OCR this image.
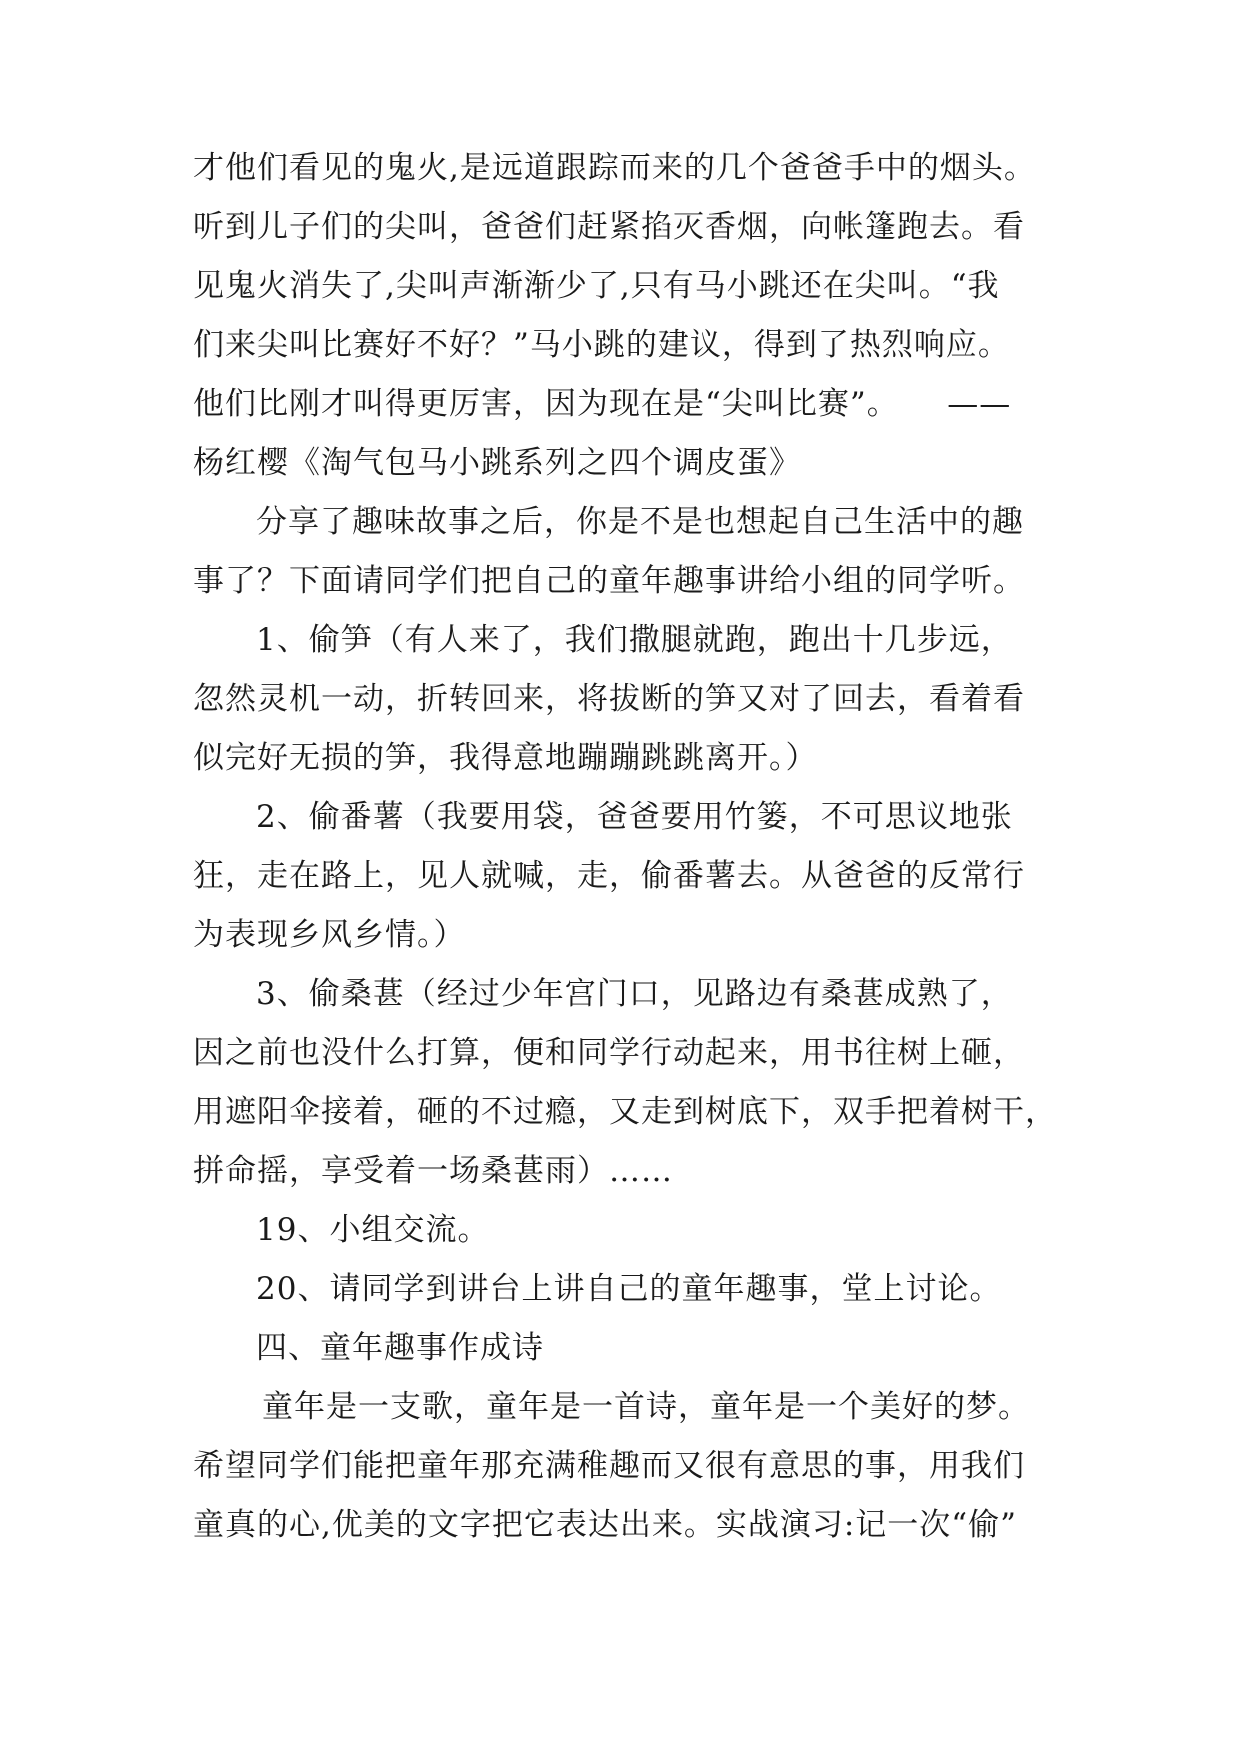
才他们看见的鬼火,是远道跟踪而来的几个爸爸手中的烟头。
听到儿子们的尖叫，爸爸们赶紧掐灭香烟，向帐篷跑去。看
见鬼火消失了,尖叫声渐渐少了,只有马小跳还在尖叫。“我
们来尖叫比赛好不好？”马小跳的建议，得到了热烈响应。
他们比刚才叫得更厉害，因为现在是“尖叫比赛”。　　——
杨红樱《淘气包马小跳系列之四个调皮蛋》
分享了趣味故事之后，你是不是也想起自己生活中的趣
事了？下面请同学们把自己的童年趣事讲给小组的同学听。
1、偷笋（有人来了，我们撒腿就跑，跑出十几步远，
忽然灵机一动，折转回来，将拔断的笋又对了回去，看着看
似完好无损的笋，我得意地蹦蹦跳跳离开。）
2、偷番薯（我要用袋，爸爸要用竹篓，不可思议地张
狂，走在路上，见人就喊，走，偷番薯去。从爸爸的反常行
为表现乡风乡情。）
3、偷桑葚（经过少年宫门口，见路边有桑葚成熟了，
因之前也没什么打算，便和同学行动起来，用书往树上砸，
用遮阳伞接着，砸的不过瘾，又走到树底下，双手把着树干，
拼命摇，享受着一场桑葚雨）……
19、小组交流。
20、请同学到讲台上讲自己的童年趣事，堂上讨论。
四、童年趣事作成诗
童年是一支歌，童年是一首诗，童年是一个美好的梦。
希望同学们能把童年那充满稚趣而又很有意思的事，用我们
童真的心,优美的文字把它表达出来。实战演习:记一次“偷”
